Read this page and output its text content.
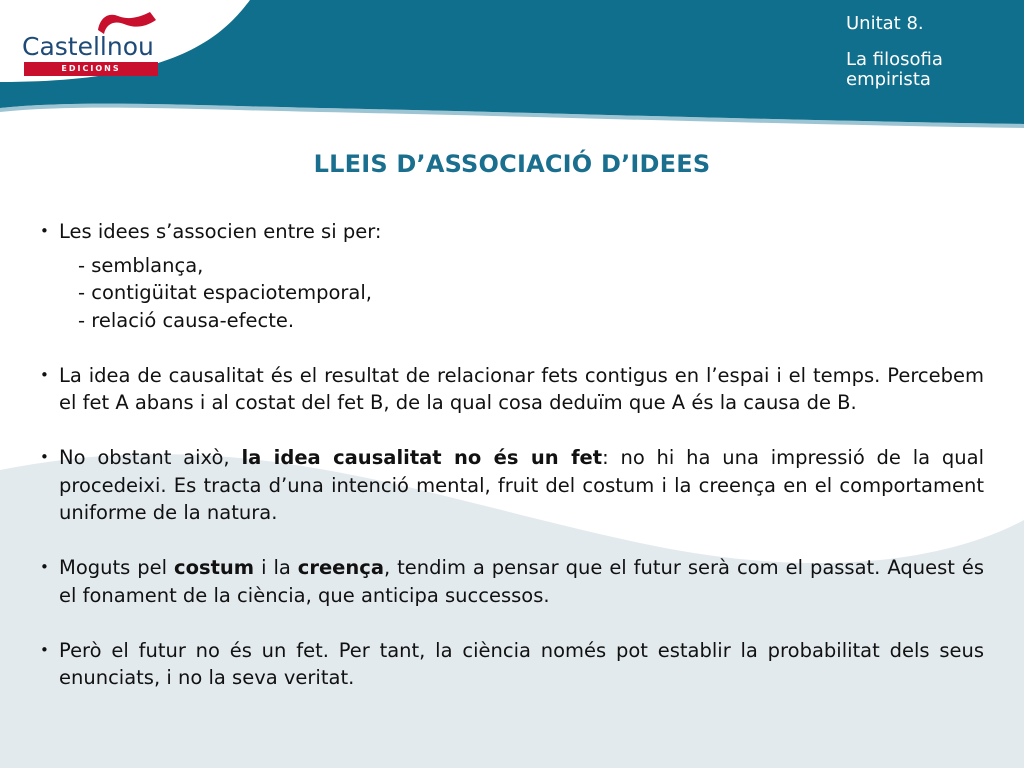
Castellnou
EDICIONS
Unitat 8.
La filosofia
empirista
LLEIS D’ASSOCIACIÓ D’IDEES
• Les idees s’associen entre si per:

- semblança,
- contigüitat espaciotemporal,
- relació causa-efecte.
• La idea de causalitat és el resultat de relacionar fets contigus en l’espai i el temps. Percebem el fet A abans i al costat del fet B, de la qual cosa deduïm que A és la causa de B.

• No obstant això, la idea causalitat no és un fet: no hi ha una impressió de la qual procedeixi. Es tracta d’una intenció mental, fruit del costum i la creença en el comportament uniforme de la natura.

• Moguts pel costum i la creença, tendim a pensar que el futur serà com el passat. Aquest és el fonament de la ciència, que anticipa successos.

• Però el futur no és un fet. Per tant, la ciència només pot establir la probabilitat dels seus enunciats, i no la seva veritat.
